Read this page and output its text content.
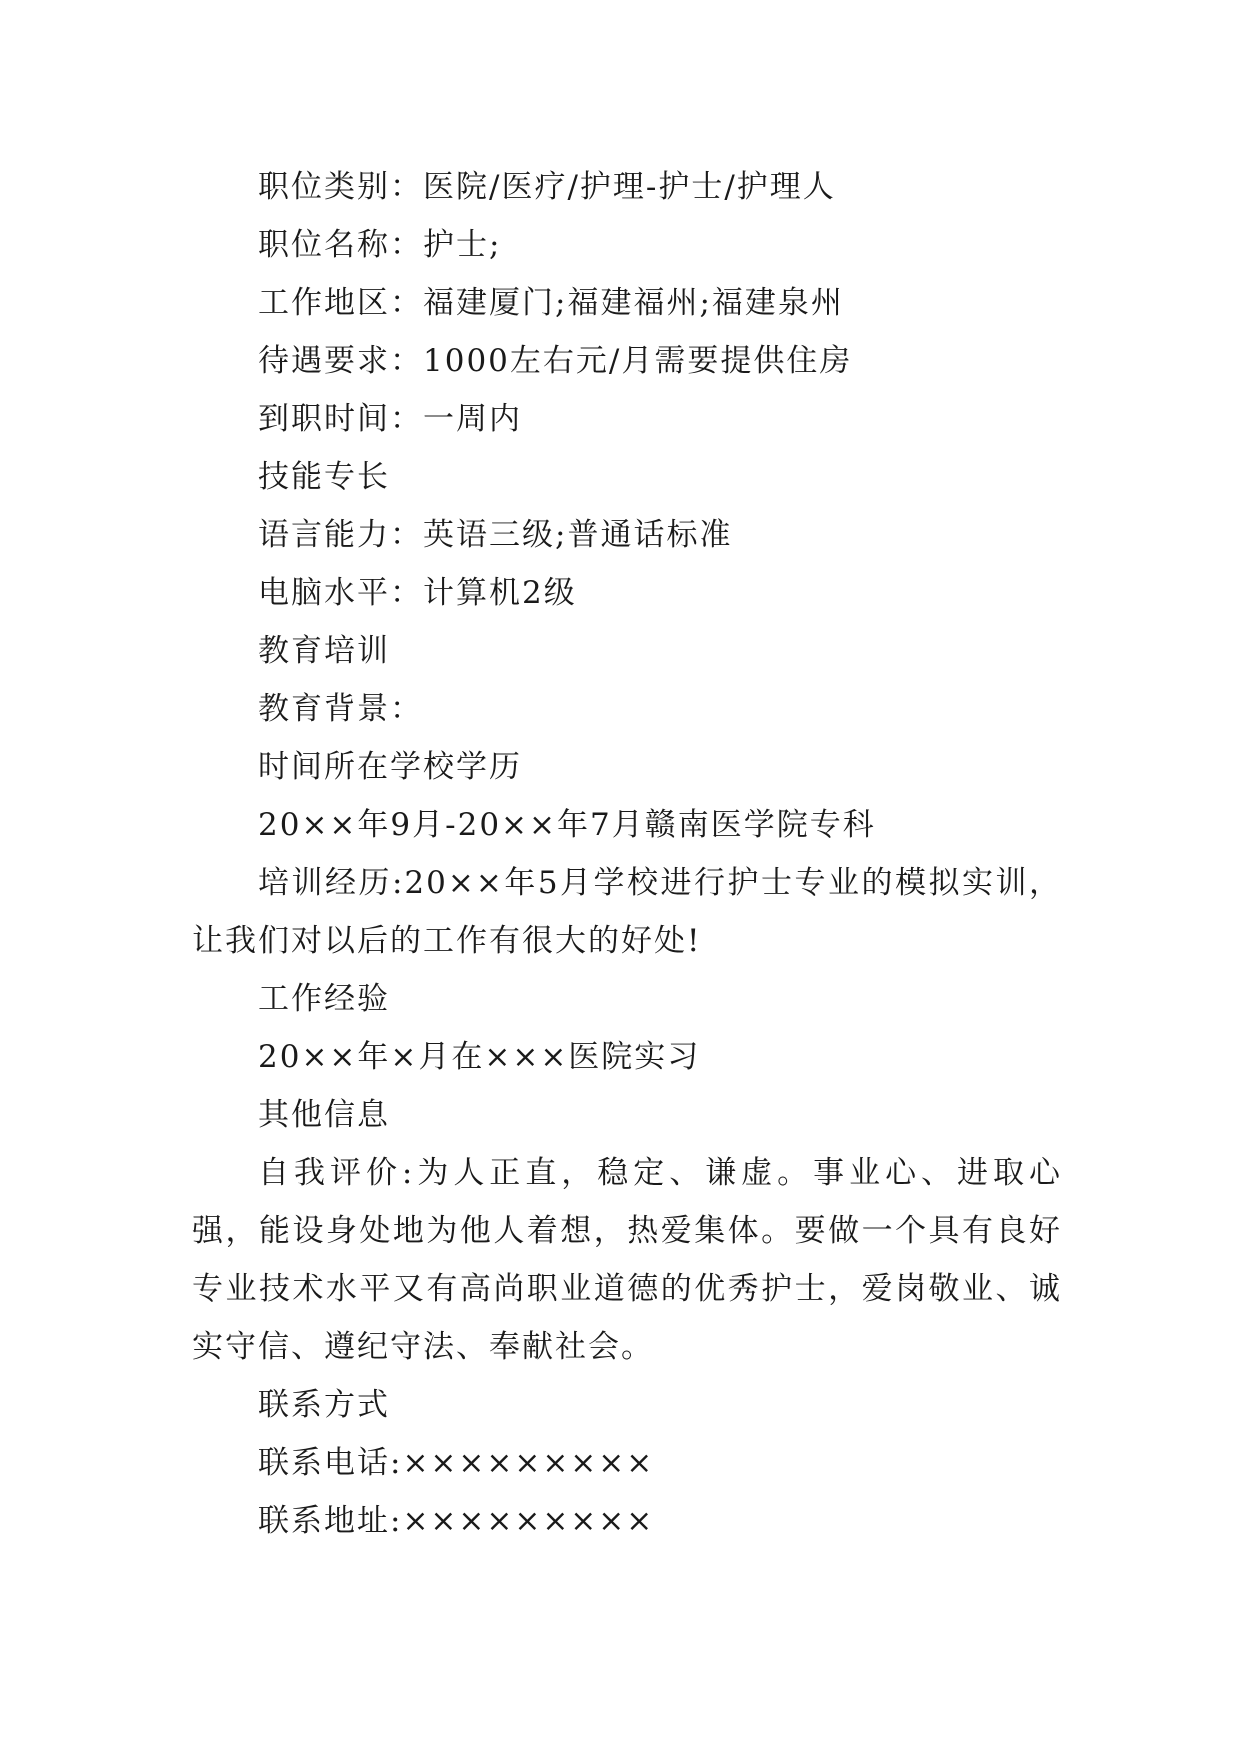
职位类别：医院/医疗/护理-护士/护理人

职位名称：护士;

工作地区：福建厦门;福建福州;福建泉州

待遇要求：1000左右元/月需要提供住房

到职时间：一周内

技能专长

语言能力：英语三级;普通话标准

电脑水平：计算机2级

教育培训

教育背景：

时间所在学校学历

20××年9月-20××年7月赣南医学院专科

培训经历:20××年5月学校进行护士专业的模拟实训，让我们对以后的工作有很大的好处!

工作经验

20××年×月在×××医院实习

其他信息

自我评价:为人正直，稳定、谦虚。事业心、进取心强，能设身处地为他人着想，热爱集体。要做一个具有良好专业技术水平又有高尚职业道德的优秀护士，爱岗敬业、诚实守信、遵纪守法、奉献社会。

联系方式

联系电话:×××××××××

联系地址:×××××××××
